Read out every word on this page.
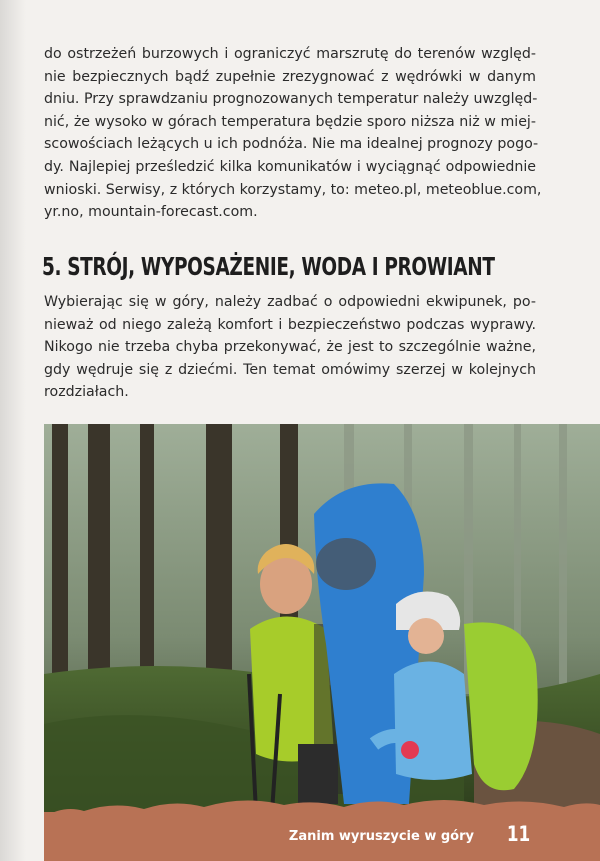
do ostrzeżeń burzowych i ograniczyć marszrutę do terenów względ-
nie bezpiecznych bądź zupełnie zrezygnować z wędrówki w danym
dniu. Przy sprawdzaniu prognozowanych temperatur należy uwzględ-
nić, że wysoko w górach temperatura będzie sporo niższa niż w miej-
scowościach leżących u ich podnóża. Nie ma idealnej prognozy pogo-
dy. Najlepiej prześledzić kilka komunikatów i wyciągnąć odpowiednie
wnioski. Serwisy, z których korzystamy, to: meteo.pl, meteoblue.com,
yr.no, mountain-forecast.com.
5. STRÓJ, WYPOSAŻENIE, WODA I PROWIANT
Wybierając się w góry, należy zadbać o odpowiedni ekwipunek, po-
nieważ od niego zależą komfort i bezpieczeństwo podczas wyprawy.
Nikogo nie trzeba chyba przekonywać, że jest to szczególnie ważne,
gdy wędruje się z dziećmi. Ten temat omówimy szerzej w kolejnych
rozdziałach.
Zanim wyruszycie w góry 11
